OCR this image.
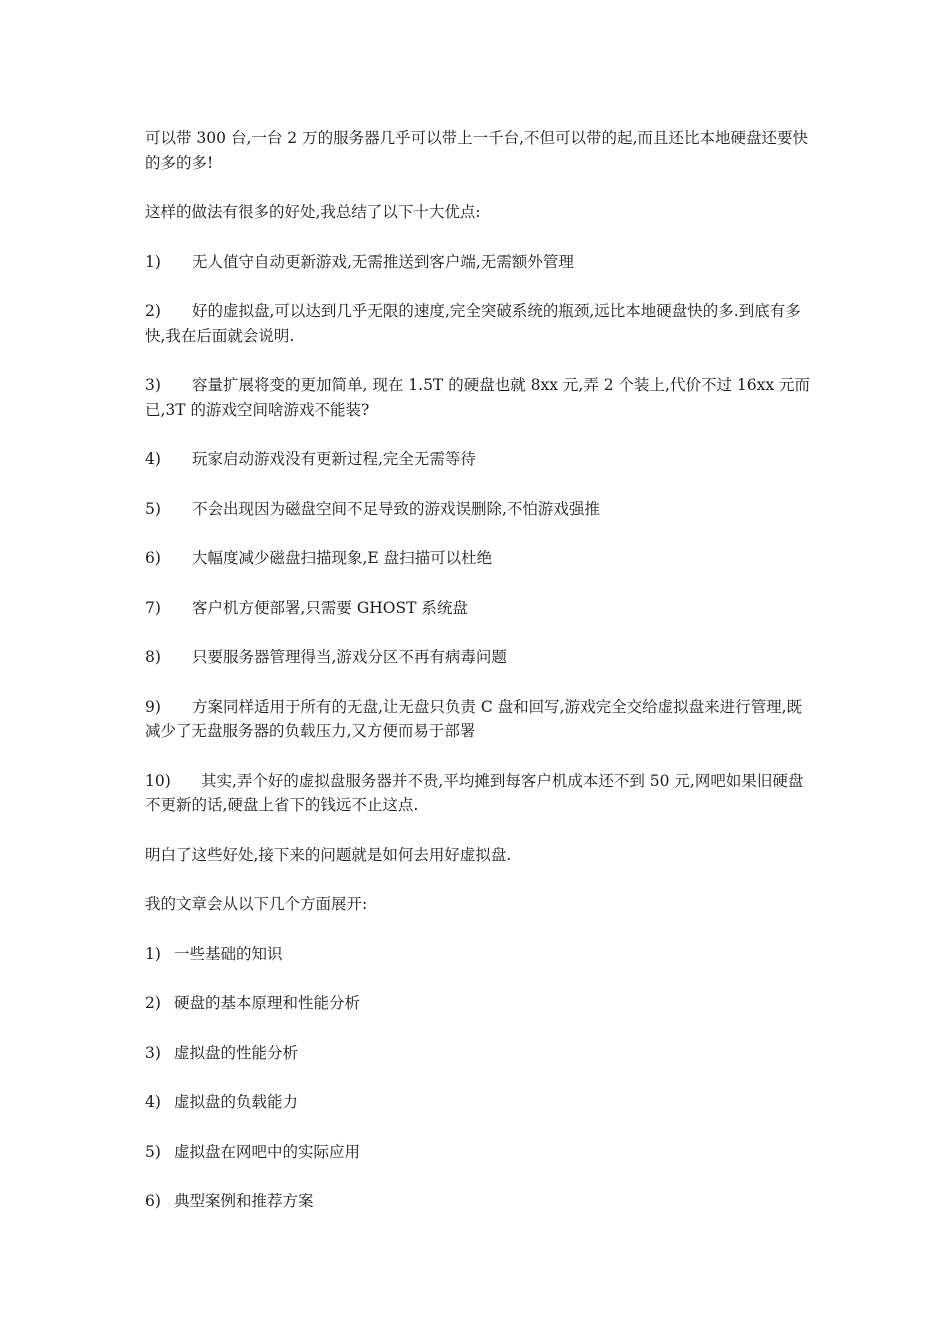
可以带 300 台,一台 2 万的服务器几乎可以带上一千台,不但可以带的起,而且还比本地硬盘还要快的多的多!

这样的做法有很多的好处,我总结了以下十大优点:

1) 无人值守自动更新游戏,无需推送到客户端,无需额外管理

2) 好的虚拟盘,可以达到几乎无限的速度,完全突破系统的瓶颈,远比本地硬盘快的多.到底有多快,我在后面就会说明.

3) 容量扩展将变的更加简单, 现在 1.5T 的硬盘也就 8xx 元,弄 2 个装上,代价不过 16xx 元而已,3T 的游戏空间啥游戏不能装?

4) 玩家启动游戏没有更新过程,完全无需等待

5) 不会出现因为磁盘空间不足导致的游戏误删除,不怕游戏强推

6) 大幅度减少磁盘扫描现象,E 盘扫描可以杜绝

7) 客户机方便部署,只需要 GHOST 系统盘

8) 只要服务器管理得当,游戏分区不再有病毒问题

9) 方案同样适用于所有的无盘,让无盘只负责 C 盘和回写,游戏完全交给虚拟盘来进行管理,既减少了无盘服务器的负载压力,又方便而易于部署

10) 其实,弄个好的虚拟盘服务器并不贵,平均摊到每客户机成本还不到 50 元,网吧如果旧硬盘不更新的话,硬盘上省下的钱远不止这点.

明白了这些好处,接下来的问题就是如何去用好虚拟盘.

我的文章会从以下几个方面展开:

1) 一些基础的知识

2) 硬盘的基本原理和性能分析

3) 虚拟盘的性能分析

4) 虚拟盘的负载能力

5) 虚拟盘在网吧中的实际应用

6) 典型案例和推荐方案
